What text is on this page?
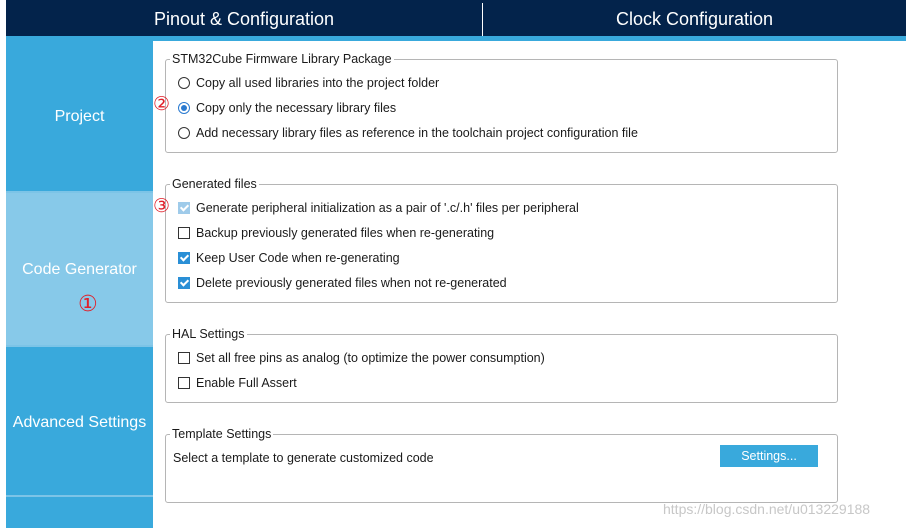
Pinout & Configuration	Clock Configuration
Project
Code Generator
①
Advanced Settings
STM32Cube Firmware Library Package
Copy all used libraries into the project folder
Copy only the necessary library files
Add necessary library files as reference in the toolchain project configuration file
②
Generated files
Generate peripheral initialization as a pair of '.c/.h' files per peripheral
Backup previously generated files when re-generating
Keep User Code when re-generating
Delete previously generated files when not re-generated
③
HAL Settings
Set all free pins as analog (to optimize the power consumption)
Enable Full Assert
Template Settings
Select a template to generate customized code	Settings...
https://blog.csdn.net/u013229188
